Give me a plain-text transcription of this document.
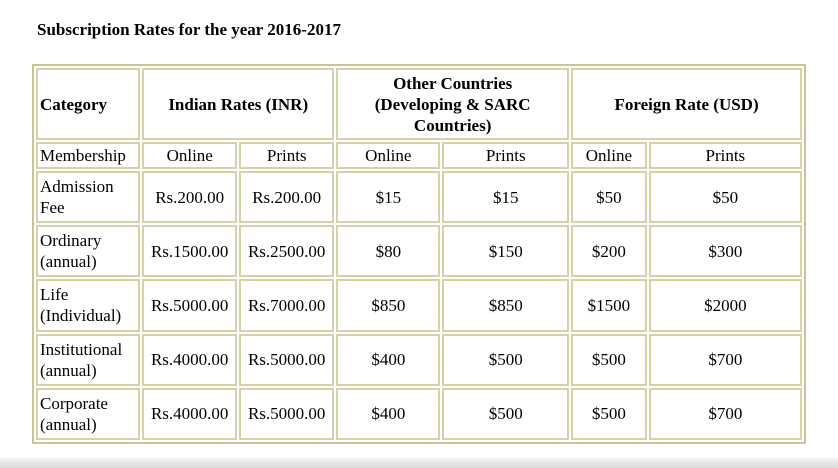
Subscription Rates for the year 2016-2017
Category	Indian Rates (INR)		Other Countries
(Developing & SARC
Countries)		Foreign Rate (USD)	
Membership	Online	Prints	Online	Prints	Online	Prints

Admission
Fee	Rs.200.00	Rs.200.00	$15	$15	$50	$50

Ordinary
(annual)	Rs.1500.00	Rs.2500.00	$80	$150	$200	$300

Life
(Individual)	Rs.5000.00	Rs.7000.00	$850	$850	$1500	$2000

Institutional
(annual)	Rs.4000.00	Rs.5000.00	$400	$500	$500	$700

Corporate
(annual)	Rs.4000.00	Rs.5000.00	$400	$500	$500	$700
